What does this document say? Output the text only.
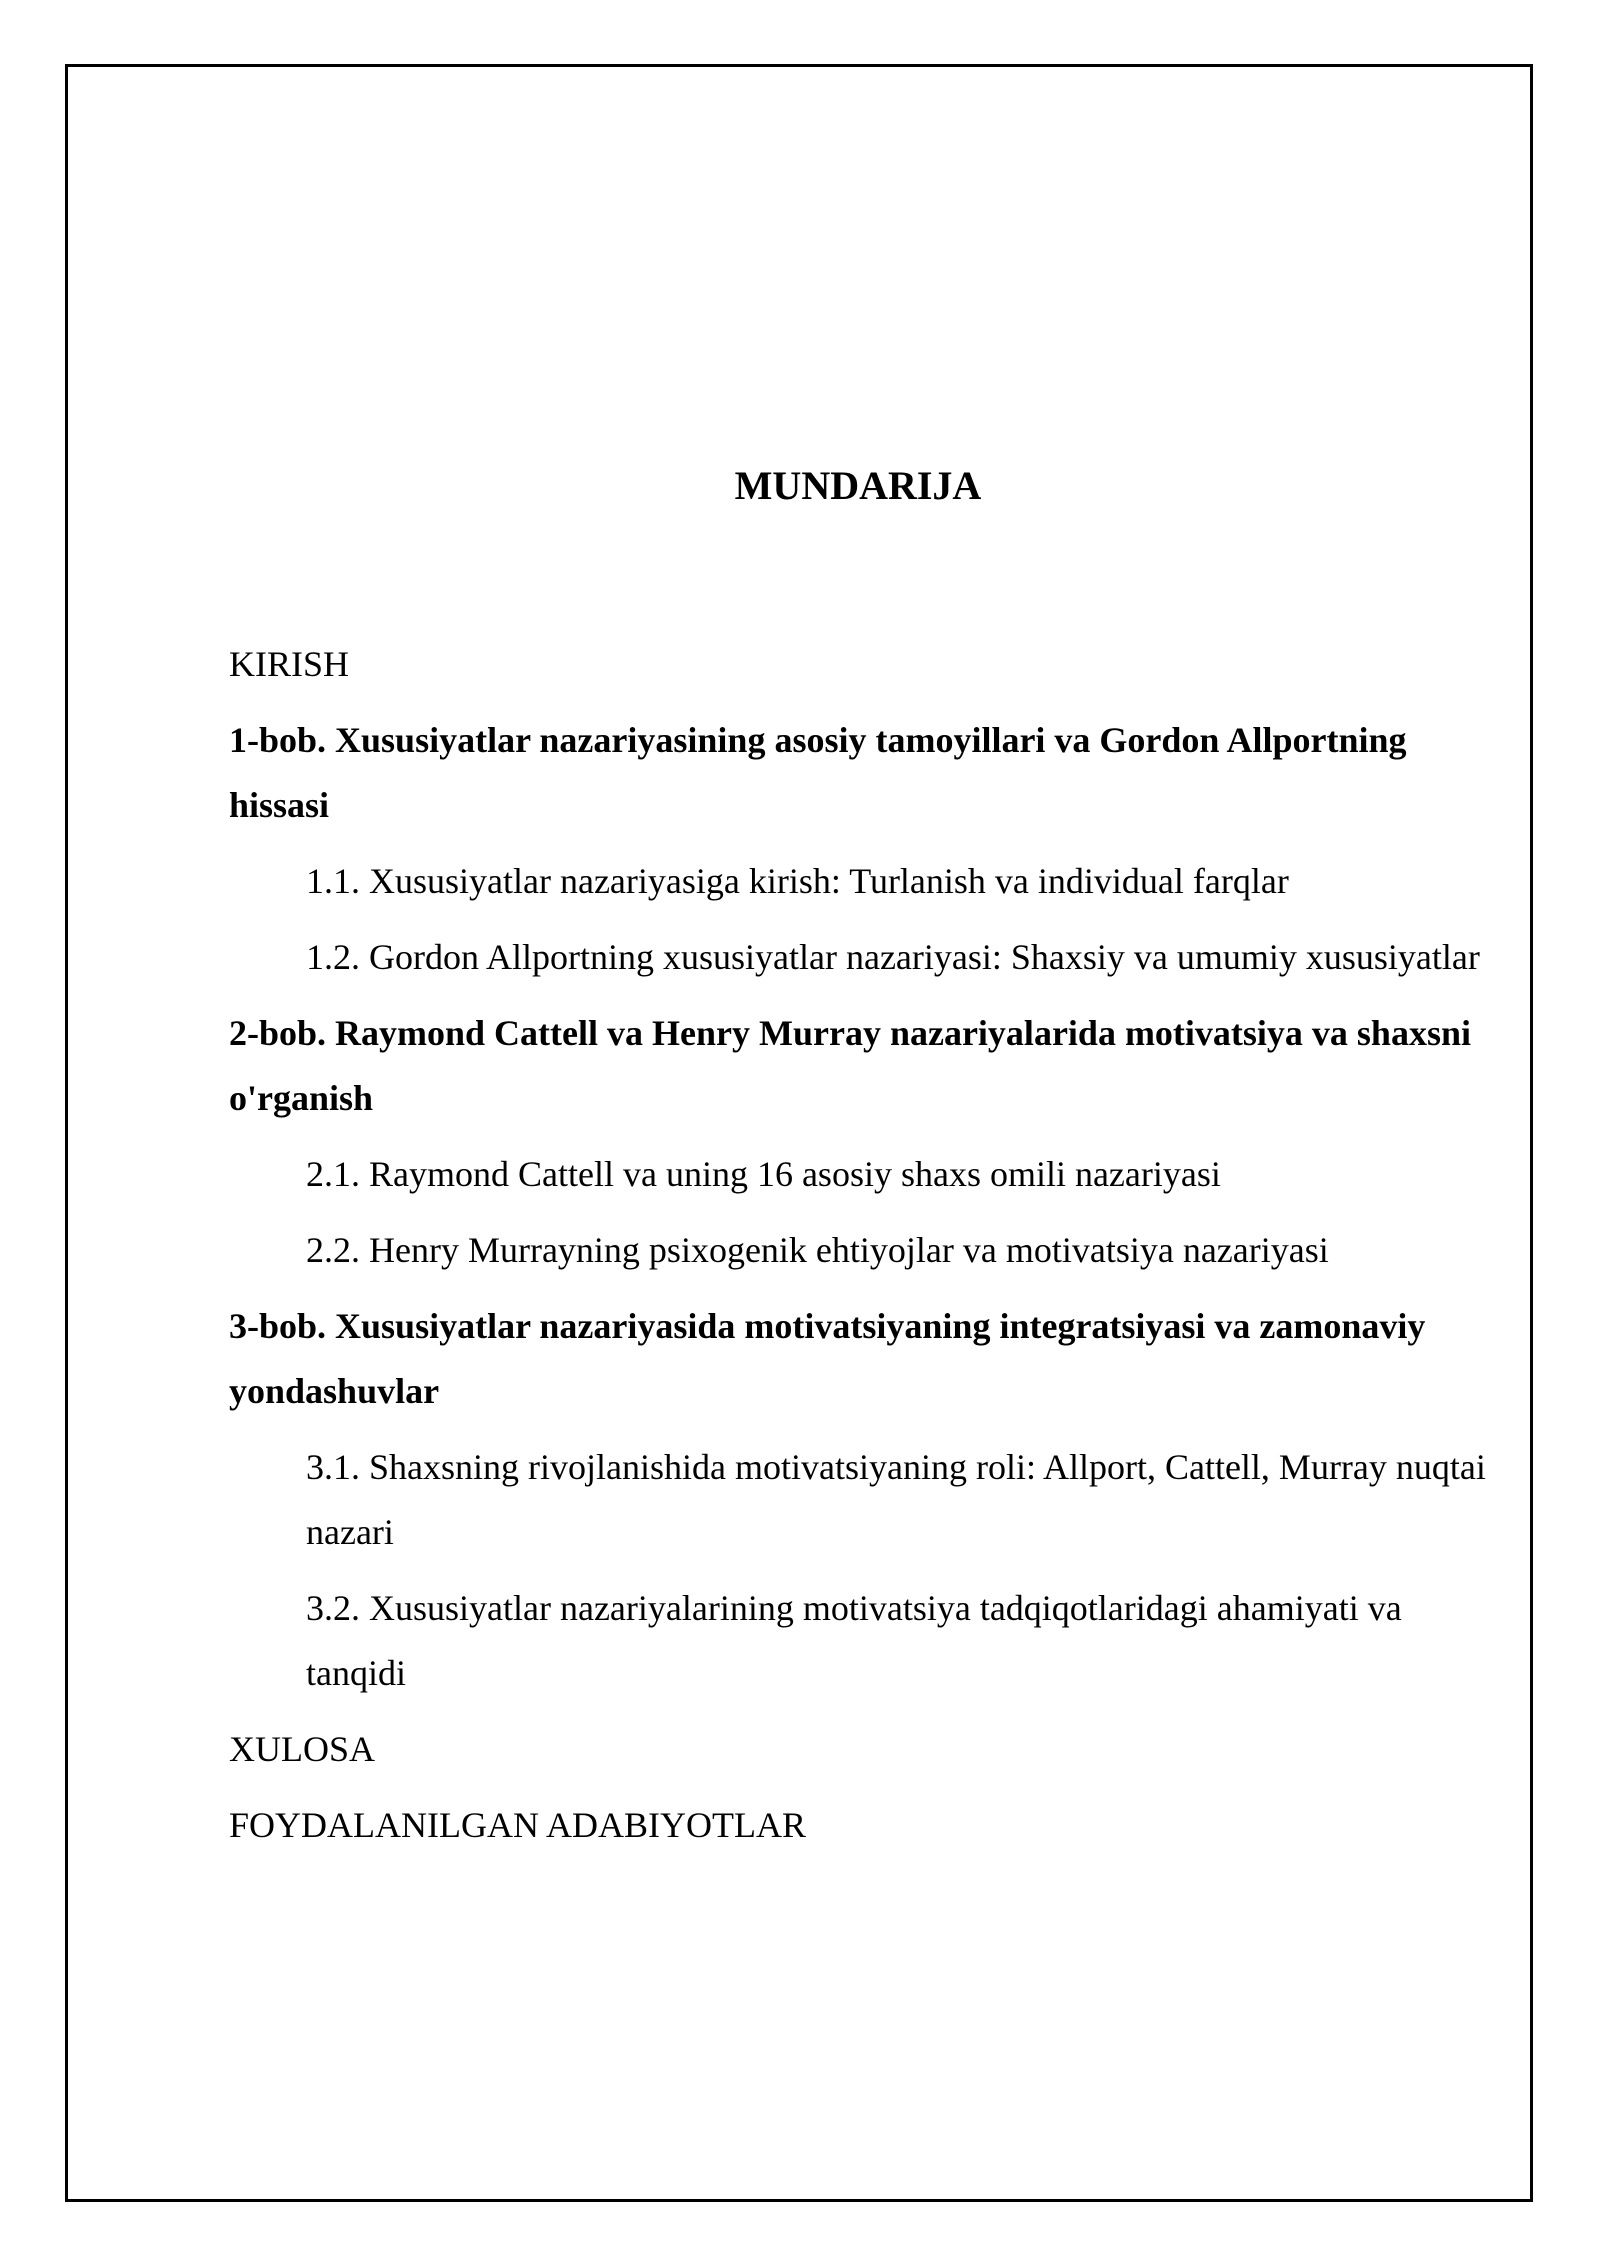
MUNDARIJA

KIRISH

1-bob. Xususiyatlar nazariyasining asosiy tamoyillari va Gordon Allportning hissasi

1.1. Xususiyatlar nazariyasiga kirish: Turlanish va individual farqlar

1.2. Gordon Allportning xususiyatlar nazariyasi: Shaxsiy va umumiy xususiyatlar

2-bob. Raymond Cattell va Henry Murray nazariyalarida motivatsiya va shaxsni o'rganish

2.1. Raymond Cattell va uning 16 asosiy shaxs omili nazariyasi

2.2. Henry Murrayning psixogenik ehtiyojlar va motivatsiya nazariyasi

3-bob. Xususiyatlar nazariyasida motivatsiyaning integratsiyasi va zamonaviy yondashuvlar

3.1. Shaxsning rivojlanishida motivatsiyaning roli: Allport, Cattell, Murray nuqtai nazari

3.2. Xususiyatlar nazariyalarining motivatsiya tadqiqotlaridagi ahamiyati va tanqidi

XULOSA

FOYDALANILGAN ADABIYOTLAR
